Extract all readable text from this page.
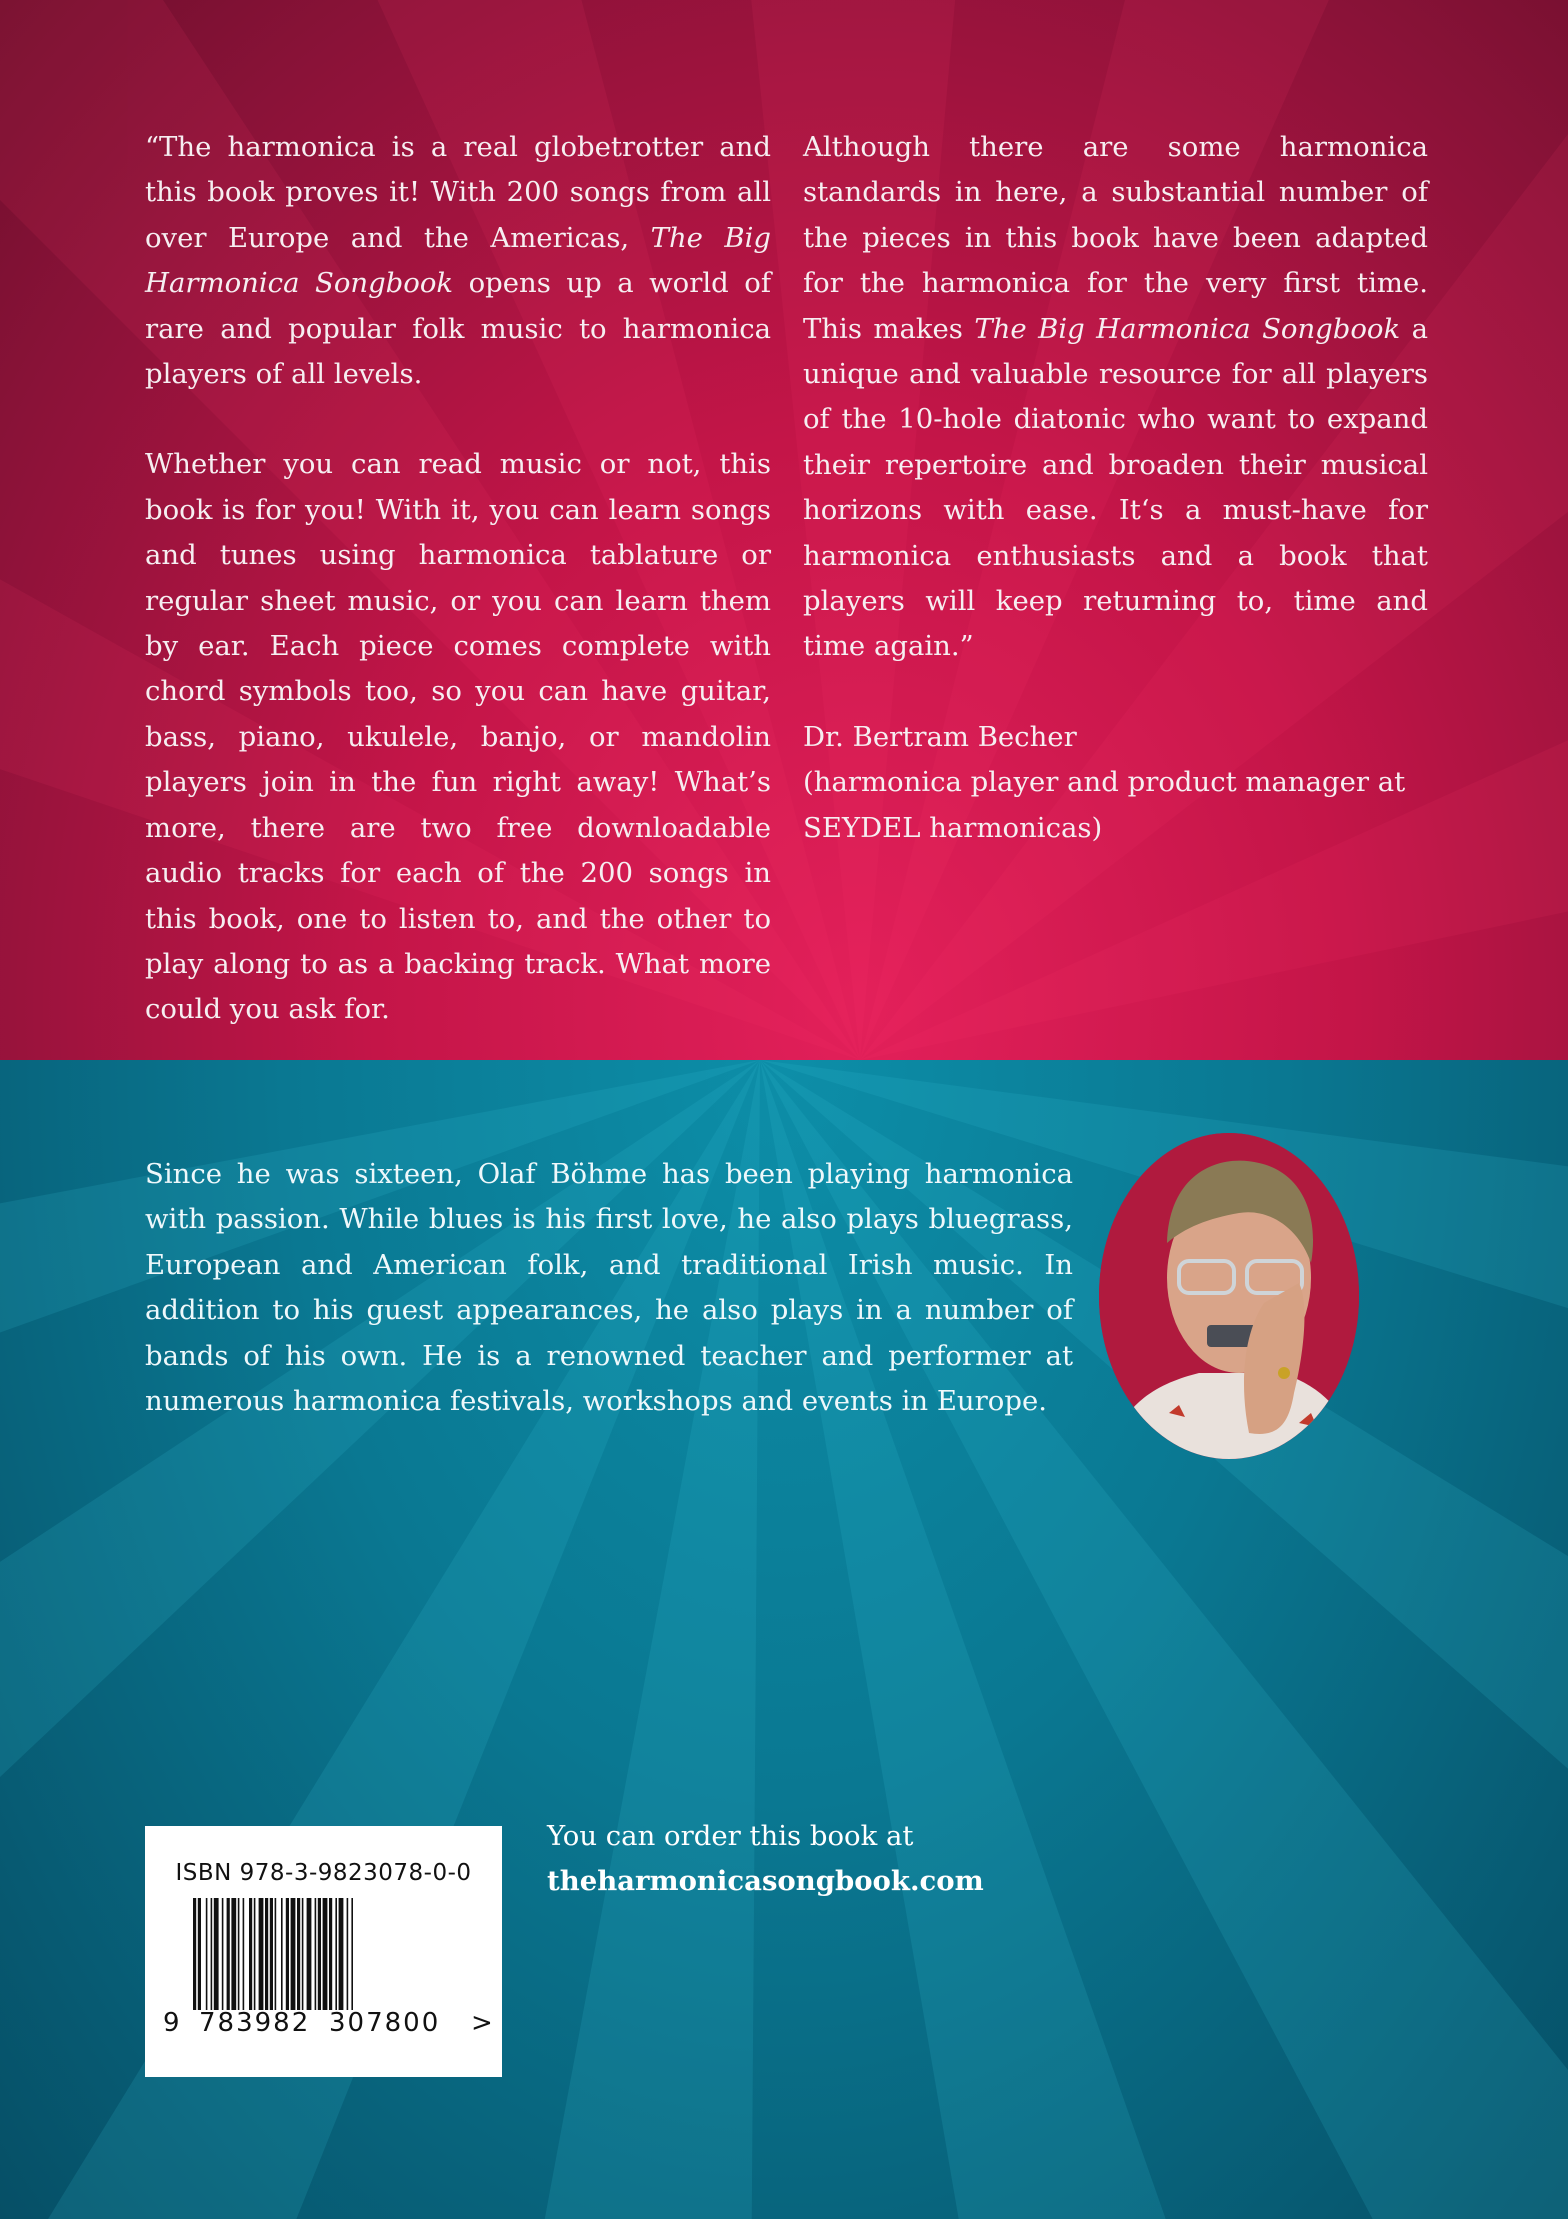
“The harmonica is a real globetrotter and this book proves it! With 200 songs from all over Europe and the Americas, The Big Harmonica Songbook opens up a world of rare and popular folk music to harmonica players of all levels.

Whether you can read music or not, this book is for you! With it, you can learn songs and tunes using harmonica tablature or regular sheet music, or you can learn them by ear. Each piece comes complete with chord symbols too, so you can have guitar, bass, piano, ukulele, banjo, or mandolin players join in the fun right away! What’s more, there are two free downloadable audio tracks for each of the 200 songs in this book, one to listen to, and the other to play along to as a backing track. What more could you ask for.

Although there are some harmonica standards in here, a substantial number of the pieces in this book have been adapted for the harmonica for the very first time. This makes The Big Harmonica Songbook a unique and valuable resource for all players of the 10-hole diatonic who want to expand their repertoire and broaden their musical horizons with ease. It‘s a must-have for harmonica enthusiasts and a book that players will keep returning to, time and time again.”

Dr. Bertram Becher
(harmonica player and product manager at
SEYDEL harmonicas)
Since he was sixteen, Olaf Böhme has been playing harmonica with passion. While blues is his first love, he also plays bluegrass, European and American folk, and traditional Irish music. In addition to his guest appearances, he also plays in a number of bands of his own. He is a renowned teacher and performer at numerous harmonica festivals, workshops and events in Europe.
ISBN 978-3-9823078-0-0
9 783982 307800 >
You can order this book at
theharmonicasongbook.com
